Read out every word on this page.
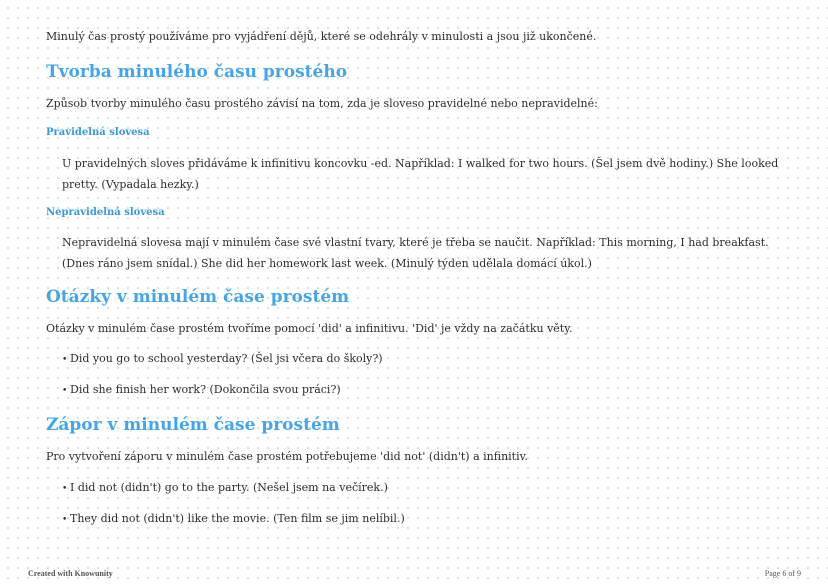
Minulý čas prostý používáme pro vyjádření dějů, které se odehrály v minulosti a jsou již ukončené.

Tvorba minulého času prostého

Způsob tvorby minulého času prostého závisí na tom, zda je sloveso pravidelné nebo nepravidelné:

Pravidelná slovesa

U pravidelných sloves přidáváme k infinitivu koncovku -ed. Například: I walked for two hours. (Šel jsem dvě hodiny.) She looked pretty. (Vypadala hezky.)

Nepravidelná slovesa

Nepravidelná slovesa mají v minulém čase své vlastní tvary, které je třeba se naučit. Například: This morning, I had breakfast. (Dnes ráno jsem snídal.) She did her homework last week. (Minulý týden udělala domácí úkol.)

Otázky v minulém čase prostém

Otázky v minulém čase prostém tvoříme pomocí 'did' a infinitivu. 'Did' je vždy na začátku věty.

• Did you go to school yesterday? (Šel jsi včera do školy?)
• Did she finish her work? (Dokončila svou práci?)
Zápor v minulém čase prostém

Pro vytvoření záporu v minulém čase prostém potřebujeme 'did not' (didn't) a infinitiv.

• I did not (didn't) go to the party. (Nešel jsem na večírek.)
• They did not (didn't) like the movie. (Ten film se jim nelíbil.)
Created with Knowunity	Page 6 of 9
